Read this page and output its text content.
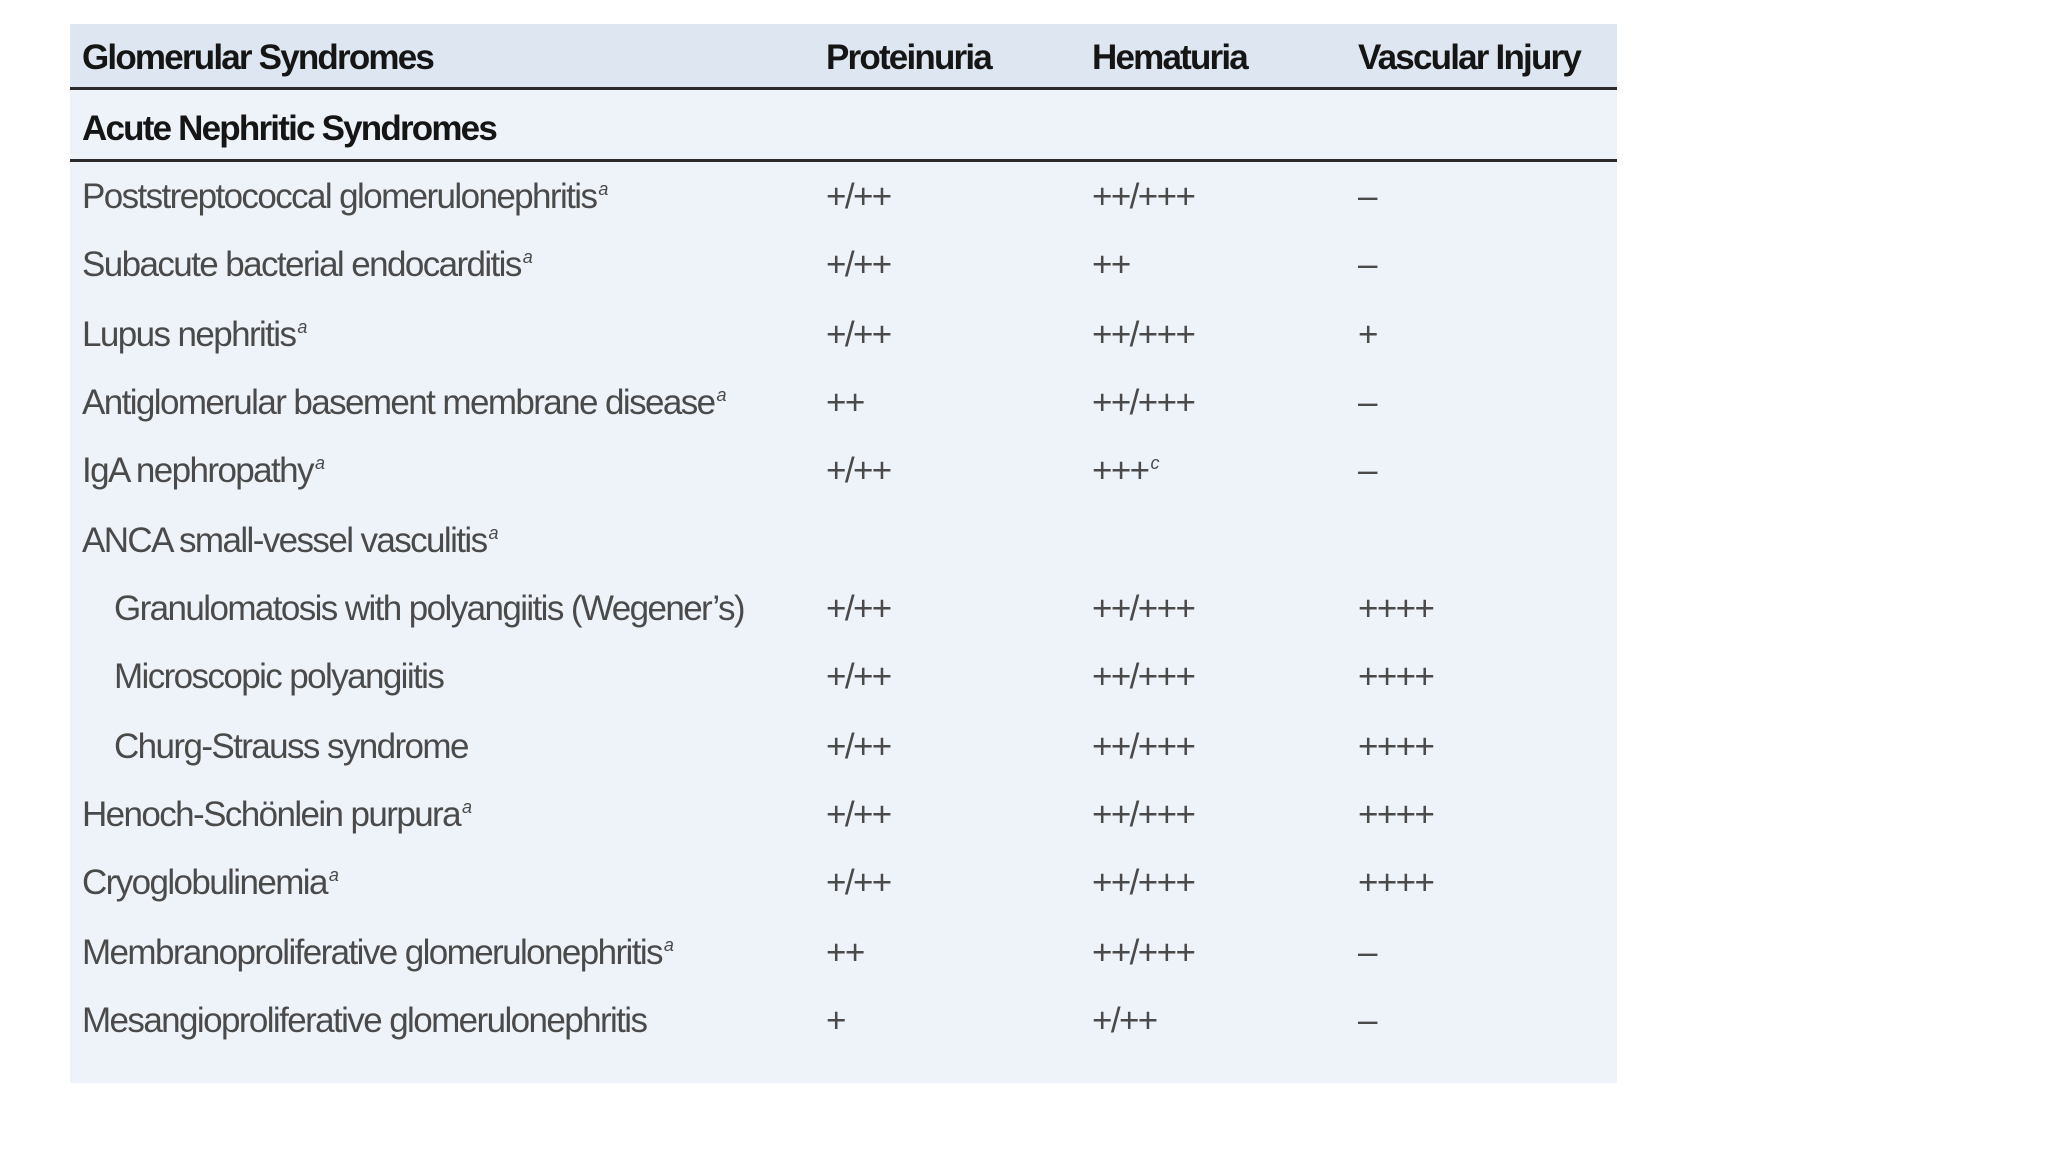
Glomerular Syndromes	Proteinuria	Hematuria	Vascular Injury
Acute Nephritic Syndromes
Poststreptococcal glomerulonephritis $^a$	+/++	++/+++	–
Subacute bacterial endocarditis $^a$	+/++	++	–
Lupus nephritis $^a$	+/++	++/+++	+
Antiglomerular basement membrane disease $^a$	++	++/+++	–
IgA nephropathy $^a$	+/++	+++ $^c$	–
ANCA small-vessel vasculitis $^a$
Granulomatosis with polyangiitis (Wegener’s) +/++	++/+++	++++
Microscopic polyangiitis	+/++	++/+++	++++
Churg-Strauss syndrome	+/++	++/+++	++++
Henoch-Schönlein purpura $^a$	+/++	++/+++	++++
Cryoglobulinemia $^a$	+/++	++/+++	++++
Membranoproliferative glomerulonephritis $^a$	++	++/+++	–
Mesangioproliferative glomerulonephritis	+	+/++	–
